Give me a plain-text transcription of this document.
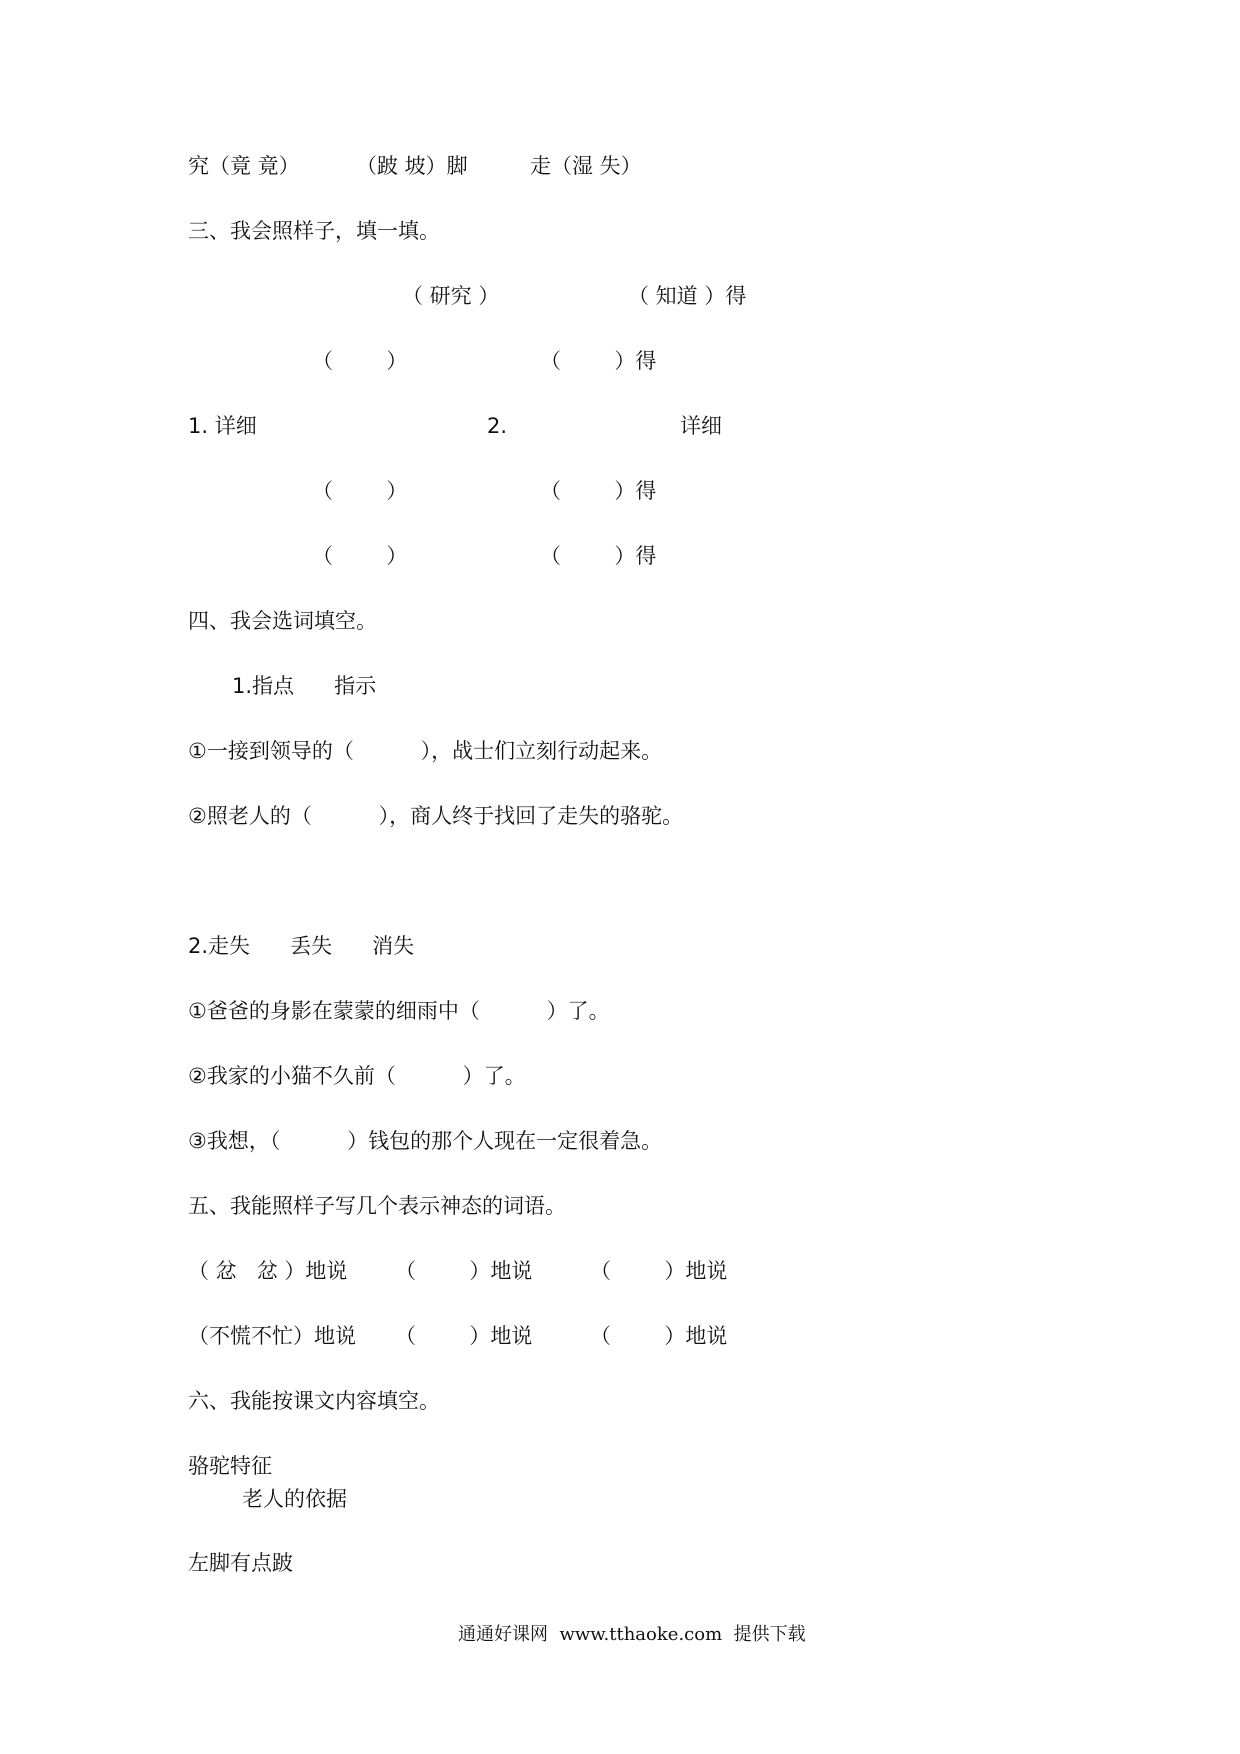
究（竟 竟）	（跛 坡）脚	走（湿 失）
三、我会照样子，填一填。
（ 研究 ）	（ 知道 ）得
（        ）	（        ）得
1. 详细	2.	详细
（        ）	（        ）得
（        ）	（        ）得
四、我会选词填空。
1.指点      指示
①一接到领导的（          ），战士们立刻行动起来。
②照老人的（          ），商人终于找回了走失的骆驼。
2.走失      丢失      消失
①爸爸的身影在蒙蒙的细雨中（          ）了。
②我家的小猫不久前（          ）了。
③我想，（          ）钱包的那个人现在一定很着急。
五、我能照样子写几个表示神态的词语。
（ 忿   忿 ）地说 （        ）地说	（        ）地说
（不慌不忙）地说 （        ）地说	（        ）地说
六、我能按课文内容填空。
骆驼特征
老人的依据
左脚有点跛
通通好课网  www.tthaoke.com  提供下载
